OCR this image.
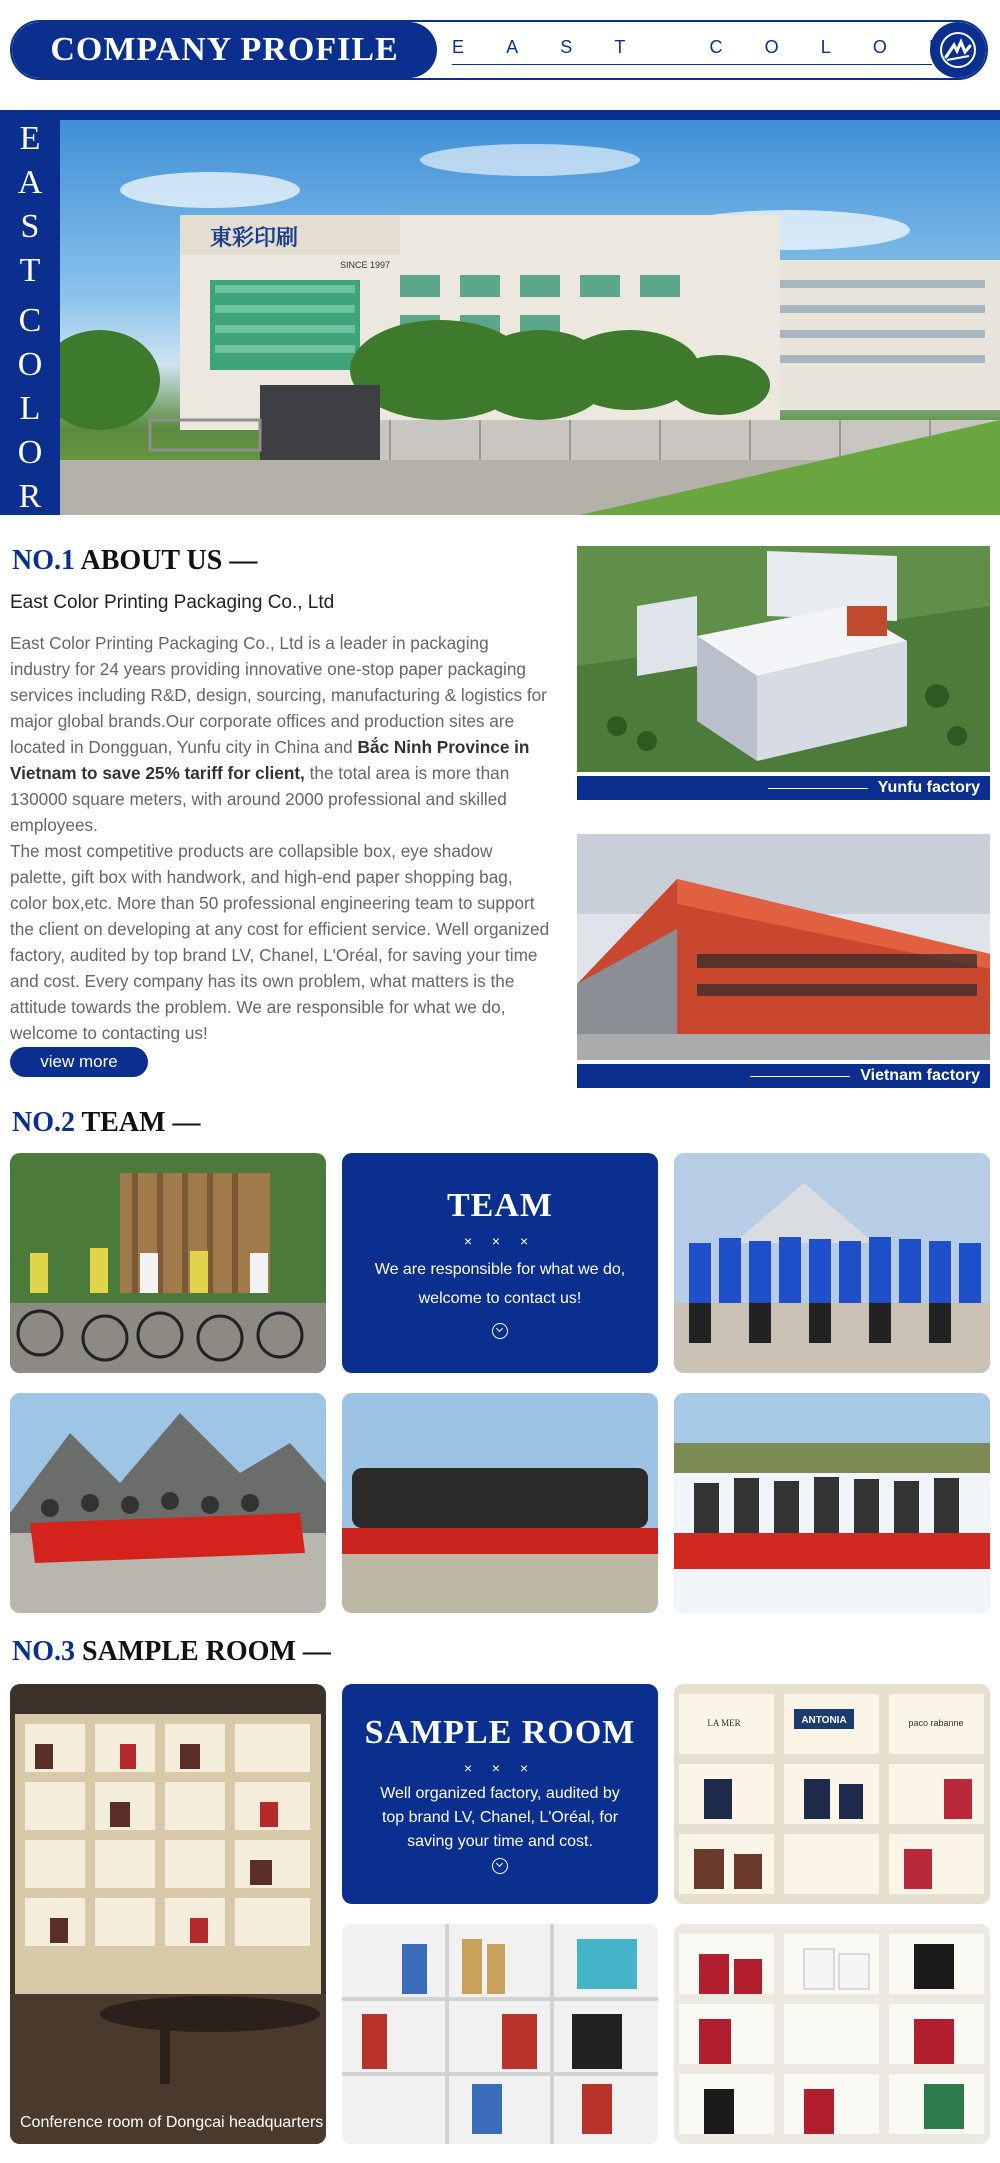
COMPANY PROFILE	E A S T	C O L O
E
A
S
T
C
O
L
O
R
東彩印刷
SINCE 1997
NO.1 ABOUT US —
East Color Printing Packaging Co., Ltd
East Color Printing Packaging Co., Ltd is a leader in packaging industry for 24 years providing innovative one-stop paper packaging services including R&D, design, sourcing, manufacturing & logistics for major global brands.Our corporate offices and production sites are located in Dongguan, Yunfu city in China and Bắc Ninh Province in Vietnam to save 25% tariff for client, the total area is more than 130000 square meters, with around 2000 professional and skilled employees.
The most competitive products are collapsible box, eye shadow palette, gift box with handwork, and high-end paper shopping bag, color box,etc. More than 50 professional engineering team to support the client on developing at any cost for efficient service. Well organized factory, audited by top brand LV, Chanel, L'Oréal, for saving your time and cost. Every company has its own problem, what matters is the attitude towards the problem. We are responsible for what we do, welcome to contacting us!
view more
Yunfu factory
Vietnam factory
NO.2 TEAM —
TEAM
× × ×
We are responsible for what we do,
welcome to contact us!
NO.3 SAMPLE ROOM —
Conference room of Dongcai headquarters
SAMPLE ROOM
× × ×
Well organized factory, audited by
top brand LV, Chanel, L'Oréal, for
saving your time and cost.
ANTONIA	paco rabanne
LA MER
